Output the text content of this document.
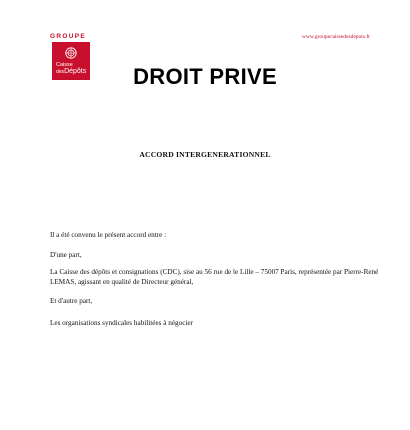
GROUPE
Caisse
desDépôts
www.groupecaissedesdepots.fr
DROIT PRIVE
ACCORD INTERGENERATIONNEL
Il a été convenu le présent accord entre :
D'une part,
La Caisse des dépôts et consignations (CDC), sise au 56 rue de le Lille – 75007 Paris, représentée par Pierre-René LEMAS, agissant en qualité de Directeur général,
Et d'autre part,
Les organisations syndicales habilitées à négocier
